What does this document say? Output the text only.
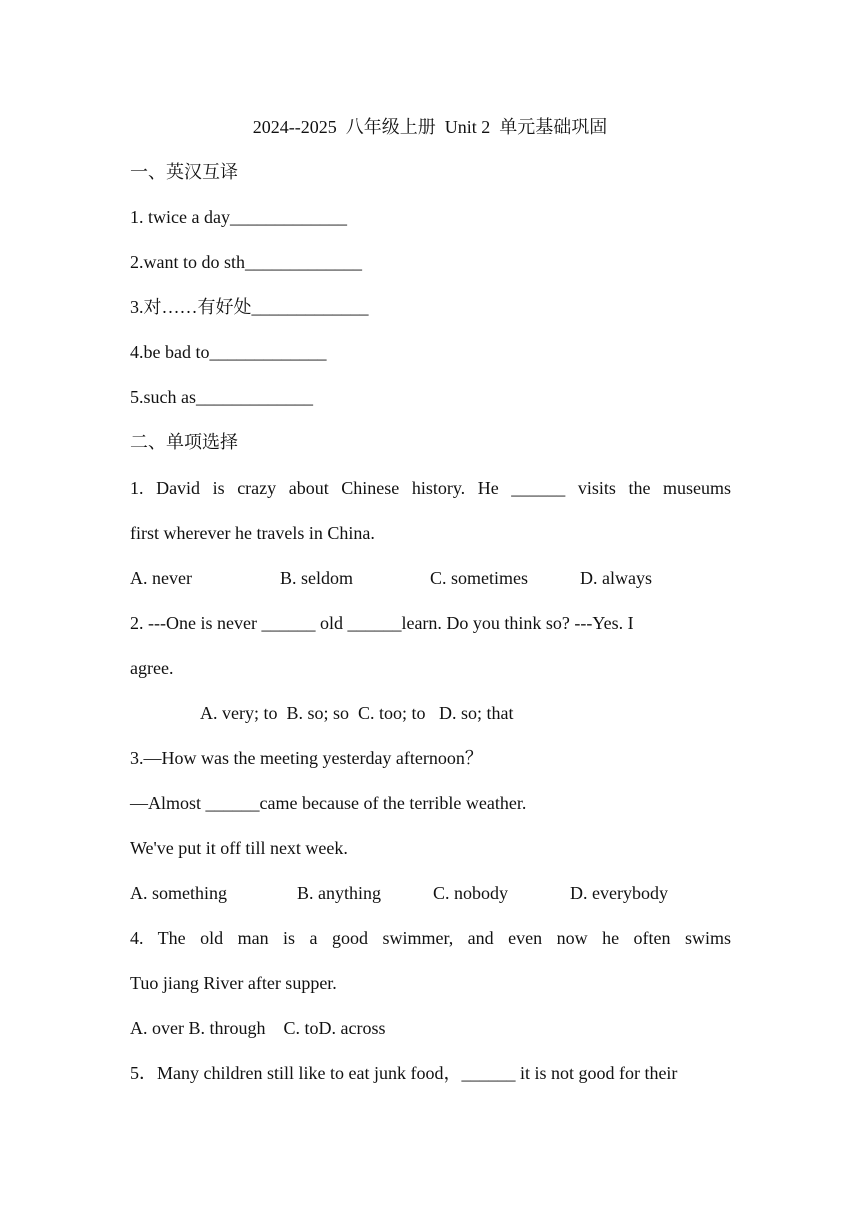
2024--2025  八年级上册  Unit 2  单元基础巩固
一、英汉互译
1. twice a day_____________
2.want to do sth_____________
3.对……有好处_____________
4.be bad to_____________
5.such as_____________
二、单项选择
1. David is crazy about Chinese history. He ______ visits the museums
first wherever he travels in China.
A. never	B. seldom	C. sometimes	D. always
2. ---One is never ______ old ______learn. Do you think so? ---Yes. I
agree.
A. very; to  B. so; so  C. too; to   D. so; that
3.—How was the meeting yesterday afternoon？
—Almost ______came because of the terrible weather.
We've put it off till next week.
A. something	B. anything	C. nobody	D. everybody
4. The old man is a good swimmer, and even now he often swims
Tuo jiang River after supper.
A. over B. through    C. toD. across
5．Many children still like to eat junk food，______ it is not good for their
